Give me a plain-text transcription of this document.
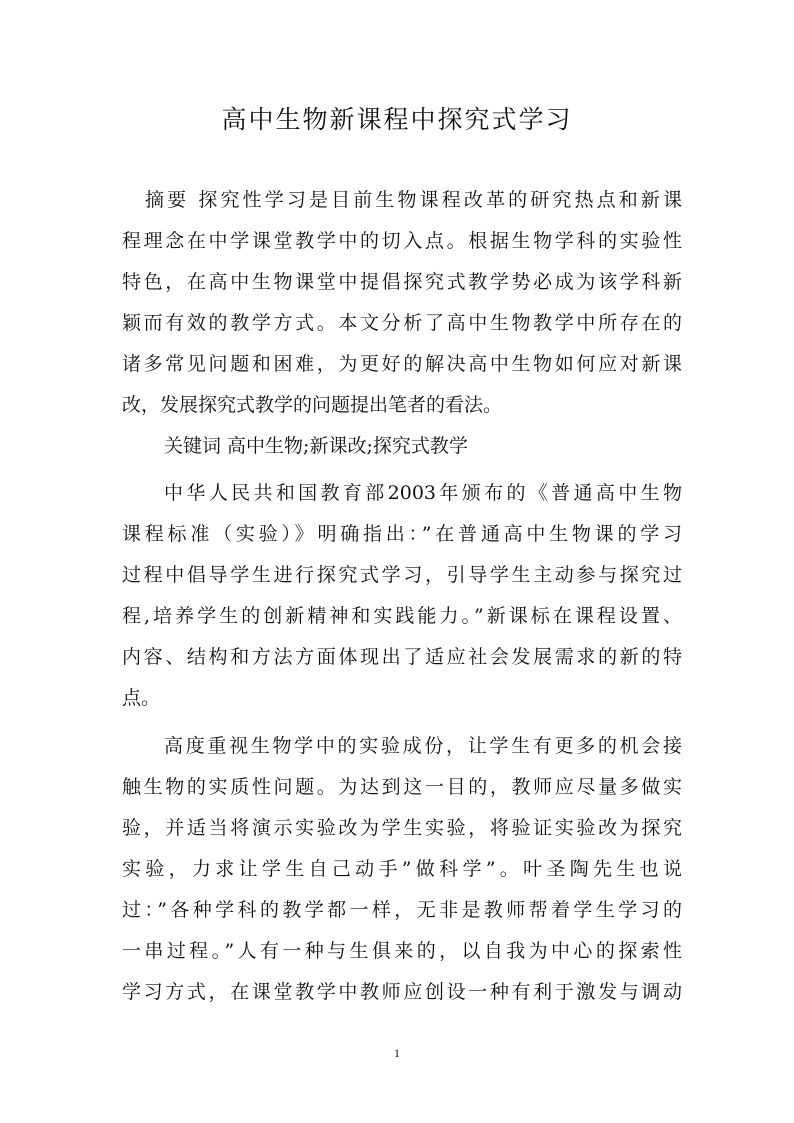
高中生物新课程中探究式学习
摘要 探究性学习是目前生物课程改革的研究热点和新课
程理念在中学课堂教学中的切入点。根据生物学科的实验性
特色，在高中生物课堂中提倡探究式教学势必成为该学科新
颖而有效的教学方式。本文分析了高中生物教学中所存在的
诸多常见问题和困难，为更好的解决高中生物如何应对新课
改，发展探究式教学的问题提出笔者的看法。
关键词 高中生物;新课改;探究式教学
中华人民共和国教育部2003年颁布的《普通高中生物
课程标准（实验）》明确指出：”在普通高中生物课的学习
过程中倡导学生进行探究式学习，引导学生主动参与探究过
程,培养学生的创新精神和实践能力。”新课标在课程设置、
内容、结构和方法方面体现出了适应社会发展需求的新的特
点。
高度重视生物学中的实验成份，让学生有更多的机会接
触生物的实质性问题。为达到这一目的，教师应尽量多做实
验，并适当将演示实验改为学生实验，将验证实验改为探究
实验，力求让学生自己动手”做科学”。叶圣陶先生也说
过：”各种学科的教学都一样，无非是教师帮着学生学习的
一串过程。”人有一种与生俱来的，以自我为中心的探索性
学习方式，在课堂教学中教师应创设一种有利于激发与调动
1
